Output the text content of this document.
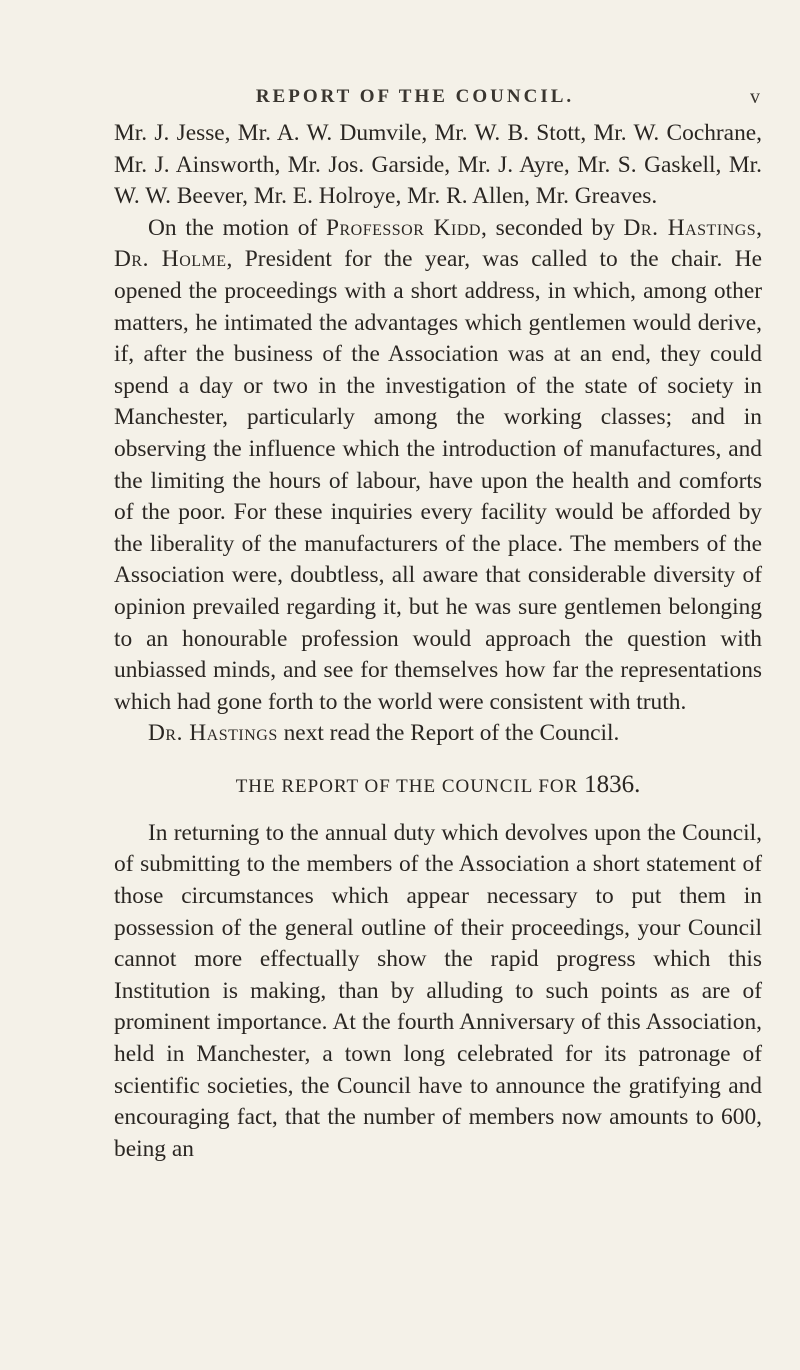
REPORT OF THE COUNCIL.	v

Mr. J. Jesse, Mr. A. W. Dumvile, Mr. W. B. Stott, Mr. W. Cochrane, Mr. J. Ainsworth, Mr. Jos. Garside, Mr. J. Ayre, Mr. S. Gaskell, Mr. W. W. Beever, Mr. E. Holroye, Mr. R. Allen, Mr. Greaves.

On the motion of Professor Kidd, seconded by Dr. Hastings, Dr. Holme, President for the year, was called to the chair. He opened the proceedings with a short address, in which, among other matters, he intimated the advantages which gentlemen would derive, if, after the business of the Association was at an end, they could spend a day or two in the investigation of the state of society in Manchester, particularly among the working classes; and in observing the influence which the introduction of manufactures, and the limiting the hours of labour, have upon the health and comforts of the poor. For these inquiries every facility would be afforded by the liberality of the manufacturers of the place. The members of the Association were, doubtless, all aware that considerable diversity of opinion prevailed regarding it, but he was sure gentlemen belonging to an honourable profession would approach the question with unbiassed minds, and see for themselves how far the representations which had gone forth to the world were consistent with truth.

Dr. Hastings next read the Report of the Council.

THE REPORT OF THE COUNCIL FOR 1836.

In returning to the annual duty which devolves upon the Council, of submitting to the members of the Association a short statement of those circumstances which appear necessary to put them in possession of the general outline of their proceedings, your Council cannot more effectually show the rapid progress which this Institution is making, than by alluding to such points as are of prominent importance. At the fourth Anniversary of this Association, held in Manchester, a town long celebrated for its patronage of scientific societies, the Council have to announce the gratifying and encouraging fact, that the number of members now amounts to 600, being an
